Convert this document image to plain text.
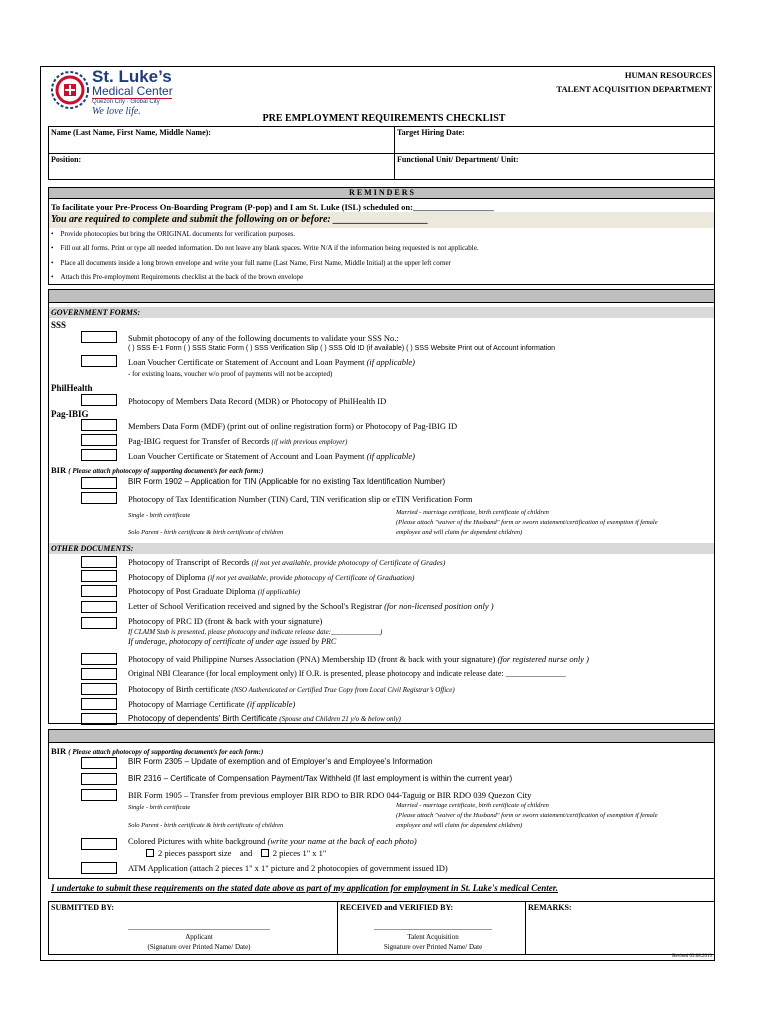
St. Luke’s
Medical Center
Quezon City · Global City
We love life.
HUMAN RESOURCES
TALENT ACQUISITION DEPARTMENT
PRE EMPLOYMENT REQUIREMENTS CHECKLIST
Name (Last Name, First Name, Middle Name):	Target Hiring Date:
Position:	Functional Unit/ Department/ Unit:
R E M I N D E R S
To facilitate your Pre-Process On-Boarding Program (P-pop) and I am St. Luke (ISL) scheduled on:___________________
You are required to complete and submit the following on or before: ___________________
•    Provide photocopies but bring the ORIGINAL documents for verification purposes.
•    Fill out all forms. Print or type all needed information. Do not leave any blank spaces. Write N/A if the information being requested is not applicable.
•    Place all documents inside a long brown envelope and write your full name (Last Name, First Name, Middle Initial) at the upper left corner
•    Attach this Pre-employment Requirements checklist at the back of the brown envelope
GOVERNMENT FORMS:
SSS
Submit photocopy of any of the following documents to validate your SSS No.:
( ) SSS E-1 Form ( ) SSS Static Form ( ) SSS Verification Slip ( ) SSS Old ID (if available) ( ) SSS Website Print out of Account information
Loan Voucher Certificate or Statement of Account and Loan Payment (if applicable)
- for existing loans, voucher w/o proof of payments will not be accepted)
PhilHealth
Photocopy of Members Data Record (MDR) or Photocopy of PhilHealth ID
Pag-IBIG
Members Data Form (MDF) (print out of online registration form) or Photocopy of Pag-IBIG ID
Pag-IBIG request for Transfer of Records (if with previous employer)
Loan Voucher Certificate or Statement of Account and Loan Payment (if applicable)
BIR ( Please attach photocopy of supporting document/s for each form:)
BIR Form 1902 – Application for TIN (Applicable for no existing Tax Identification Number)
Photocopy of Tax Identification Number (TIN) Card, TIN verification slip or eTIN Verification Form
Single - birth certificate
Solo Parent - birth certificate & birth certificate of children
Married - marriage certificate, birth certificate of children
(Please attach "waiver of the Husband" form or sworn statement/certification of exemption if female
employee and will claim for dependent children)
OTHER DOCUMENTS:
Photocopy of Transcript of Records (if not yet available, provide photocopy of Certificate of Grades)
Photocopy of Diploma (if not yet available, provide photocopy of Certificate of Graduation)
Photocopy of Post Graduate Diploma (if applicable)
Letter of School Verification received and signed by the School's Registrar (for non-licensed position only )
Photocopy of PRC ID (front & back with your signature)
If CLAIM Stub is presented, please photocopy and indicate release date:______________)
If underage, photocopy of certificate of under age issued by PRC
Photocopy of vaid Philippine Nurses Association (PNA) Membership ID (front & back with your signature) (for registered nurse only )
Original NBI Clearance (for local employment only) If O.R. is presented, please photocopy and indicate release date: _______________
Photocopy of Birth certificate (NSO Authenticated or Certified True Copy from Local Civil Registrar’s Office)
Photocopy of Marriage Certificate (if applicable)
Photocopy of dependents’ Birth Certificate (Spouse and Children 21 y/o & below only)
BIR ( Please attach photocopy of supporting document/s for each form:)
BIR Form 2305 – Update of exemption and of Employer’s and Employee’s Information
BIR 2316 – Certificate of Compensation Payment/Tax Withheld (If last employment is within the current year)
BIR Form 1905 – Transfer from previous employer BIR RDO to BIR RDO 044-Taguig or BIR RDO 039 Quezon City
Single - birth certificate
Solo Parent - birth certificate & birth certificate of children
Married - marriage certificate, birth certificate of children
(Please attach "waiver of the Husband" form or sworn statement/certification of exemption if female
employee and will claim for dependent children)
Colored Pictures with white background (write your name at the back of each photo)
2 pieces passport size and 2 pieces 1" x 1"
ATM Application (attach 2 pieces 1" x 1" picture and 2 photocopies of government issued ID)
I undertake to submit these requirements on the stated date above as part of my application for employment in St. Luke's medical Center.
SUBMITTED BY:	RECEIVED and VERIFIED BY:	REMARKS:
Applicant
(Signature over Printed Name/ Date)
Talent Acquisition
Signature over Printed Name/ Date
Revised 03.08.2019
